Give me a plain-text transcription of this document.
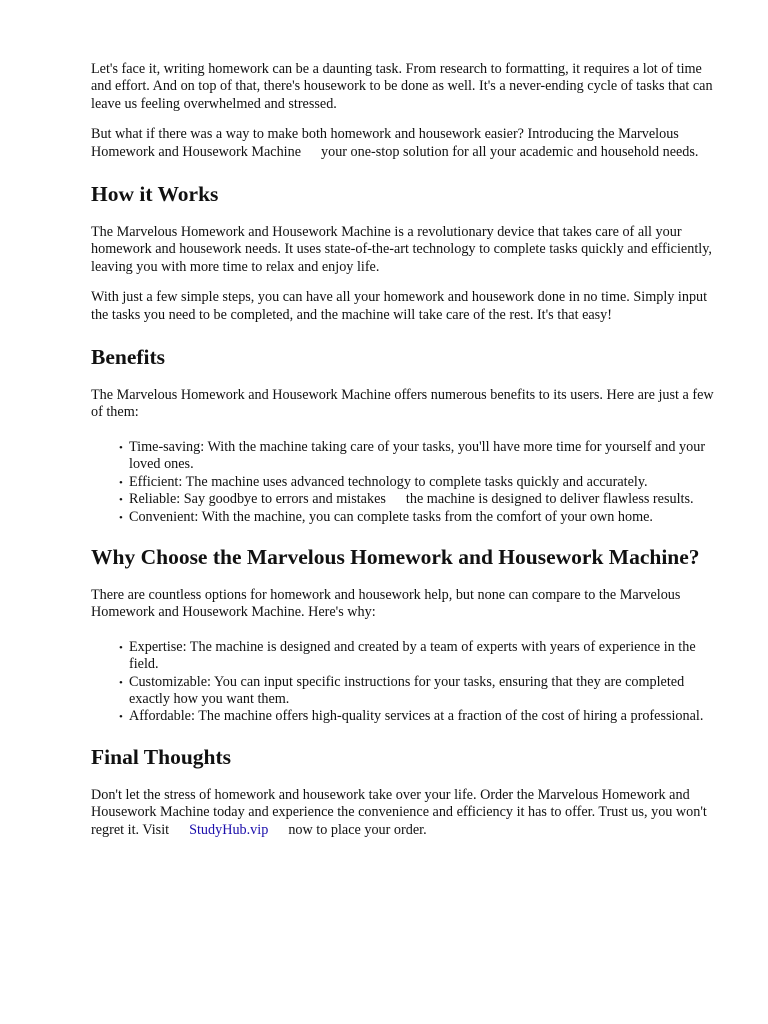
Let's face it, writing homework can be a daunting task. From research to formatting, it requires a lot of time and effort. And on top of that, there's housework to be done as well. It's a never-ending cycle of tasks that can leave us feeling overwhelmed and stressed.

But what if there was a way to make both homework and housework easier? Introducing the Marvelous Homework and Housework Machine your one-stop solution for all your academic and household needs.

How it Works

The Marvelous Homework and Housework Machine is a revolutionary device that takes care of all your homework and housework needs. It uses state-of-the-art technology to complete tasks quickly and efficiently, leaving you with more time to relax and enjoy life.

With just a few simple steps, you can have all your homework and housework done in no time. Simply input the tasks you need to be completed, and the machine will take care of the rest. It's that easy!

Benefits

The Marvelous Homework and Housework Machine offers numerous benefits to its users. Here are just a few of them:

• Time-saving: With the machine taking care of your tasks, you'll have more time for yourself and your loved ones.
• Efficient: The machine uses advanced technology to complete tasks quickly and accurately.
• Reliable: Say goodbye to errors and mistakes the machine is designed to deliver flawless results.
• Convenient: With the machine, you can complete tasks from the comfort of your own home.
Why Choose the Marvelous Homework and Housework Machine?

There are countless options for homework and housework help, but none can compare to the Marvelous Homework and Housework Machine. Here's why:

• Expertise: The machine is designed and created by a team of experts with years of experience in the field.
• Customizable: You can input specific instructions for your tasks, ensuring that they are completed exactly how you want them.
• Affordable: The machine offers high-quality services at a fraction of the cost of hiring a professional.
Final Thoughts

Don't let the stress of homework and housework take over your life. Order the Marvelous Homework and Housework Machine today and experience the convenience and efficiency it has to offer. Trust us, you won't regret it. Visit StudyHub.vip now to place your order.
